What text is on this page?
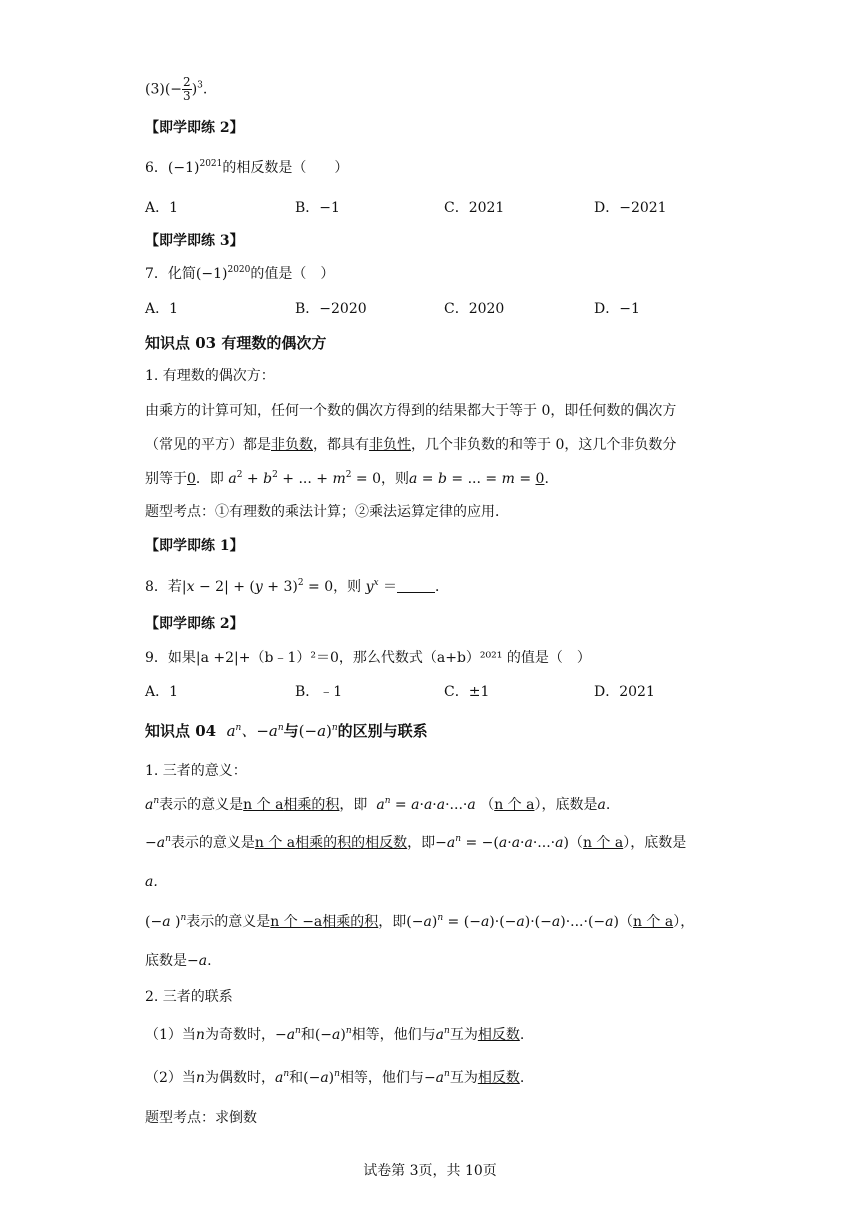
$(3)(- \frac{2}{3} )^3$.
【即学即练 2】
6．$(-1)^{2021}$的相反数是（　　）
A．1	B．−1	C．2021	D．−2021
【即学即练 3】
7．化简$(-1)^{2020}$的值是（　）
A．1	B．−2020	C．2020	D．−1
知识点 03 有理数的偶次方
1. 有理数的偶次方：
由乘方的计算可知，任何一个数的偶次方得到的结果都大于等于 0，即任何数的偶次方
（常见的平方）都是非负数，都具有非负性，几个非负数的和等于 0，这几个非负数分
别等于0．即 $a^2 + b^2$ + ... + $m^2 = 0$，则a = b = ... = m = 0.
题型考点：①有理数的乘法计算；②乘法运算定律的应用．
【即学即练 1】
8．若$|x - 2| + (y + 3)^2 = 0$，则 $y^x$ ＝	．
【即学即练 2】
9．如果|a +2|+（b﹣1）²＝0，那么代数式（a+b）²⁰²¹ 的值是（　）
A．1	B．﹣1	C．±1	D．2021
知识点 04 $a^n$、$-a^n$与$(-a)^n$的区别与联系
1. 三者的意义：
$a^n$表示的意义是n 个 a相乘的积，即 $a^n = a\cdot a\cdot a\cdot...\cdot a$ （n 个 a），底数是a.
$-a^n$表示的意义是n 个 a相乘的积的相反数，即$-a^n = -(a\cdot a\cdot a\cdot...\cdot a)(n$ 个 a），底数是
a.
(−a )$^n$表示的意义是n 个 −a相乘的积，即$(-a)^n = (-a)\cdot(-a)\cdot(-a)\cdot...\cdot(-a)(n$ 个 a），
底数是−a.
2. 三者的联系
（1）当n为奇数时，$-a^n$和$(-a)^n$相等，他们与$a^n$互为相反数.
（2）当n为偶数时，$a^n$和$(-a)^n$相等，他们与$-a^n$互为相反数.
题型考点：求倒数
试卷第 3页，共 10页
